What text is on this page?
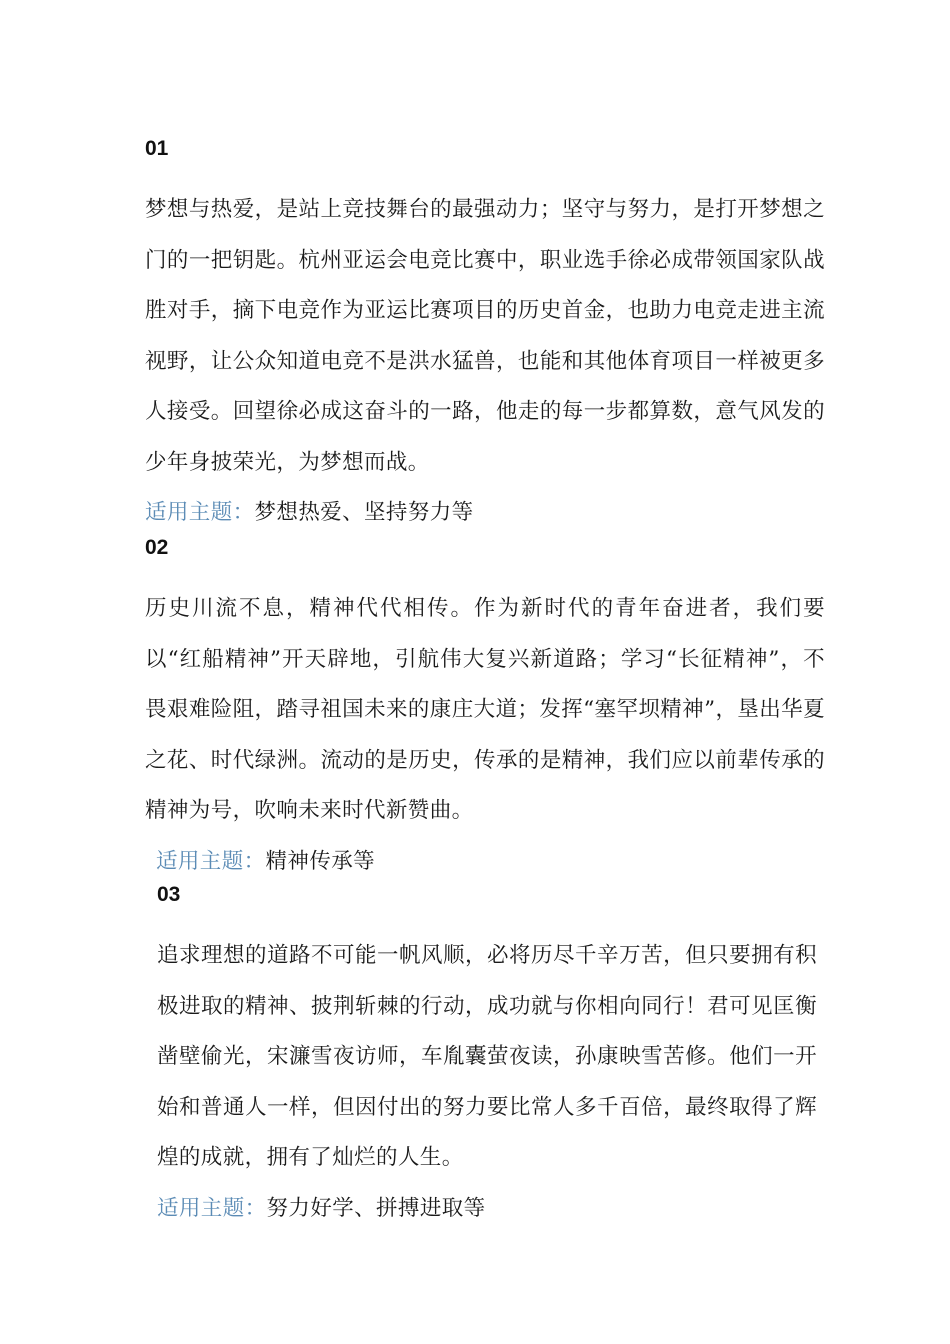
01
梦想与热爱，是站上竞技舞台的最强动力；坚守与努力，是打开梦想之门的一把钥匙。杭州亚运会电竞比赛中，职业选手徐必成带领国家队战胜对手，摘下电竞作为亚运比赛项目的历史首金，也助力电竞走进主流视野，让公众知道电竞不是洪水猛兽，也能和其他体育项目一样被更多人接受。回望徐必成这奋斗的一路，他走的每一步都算数，意气风发的少年身披荣光，为梦想而战。
适用主题：梦想热爱、坚持努力等
02
历史川流不息，精神代代相传。作为新时代的青年奋进者，我们要以“红船精神”开天辟地，引航伟大复兴新道路；学习“长征精神”，不畏艰难险阻，踏寻祖国未来的康庄大道；发挥“塞罕坝精神”，垦出华夏之花、时代绿洲。流动的是历史，传承的是精神，我们应以前辈传承的精神为号，吹响未来时代新赞曲。
适用主题：精神传承等
03
追求理想的道路不可能一帆风顺，必将历尽千辛万苦，但只要拥有积极进取的精神、披荆斩棘的行动，成功就与你相向同行！君可见匡衡凿壁偷光，宋濂雪夜访师，车胤囊萤夜读，孙康映雪苦修。他们一开始和普通人一样，但因付出的努力要比常人多千百倍，最终取得了辉煌的成就，拥有了灿烂的人生。
适用主题：努力好学、拼搏进取等
